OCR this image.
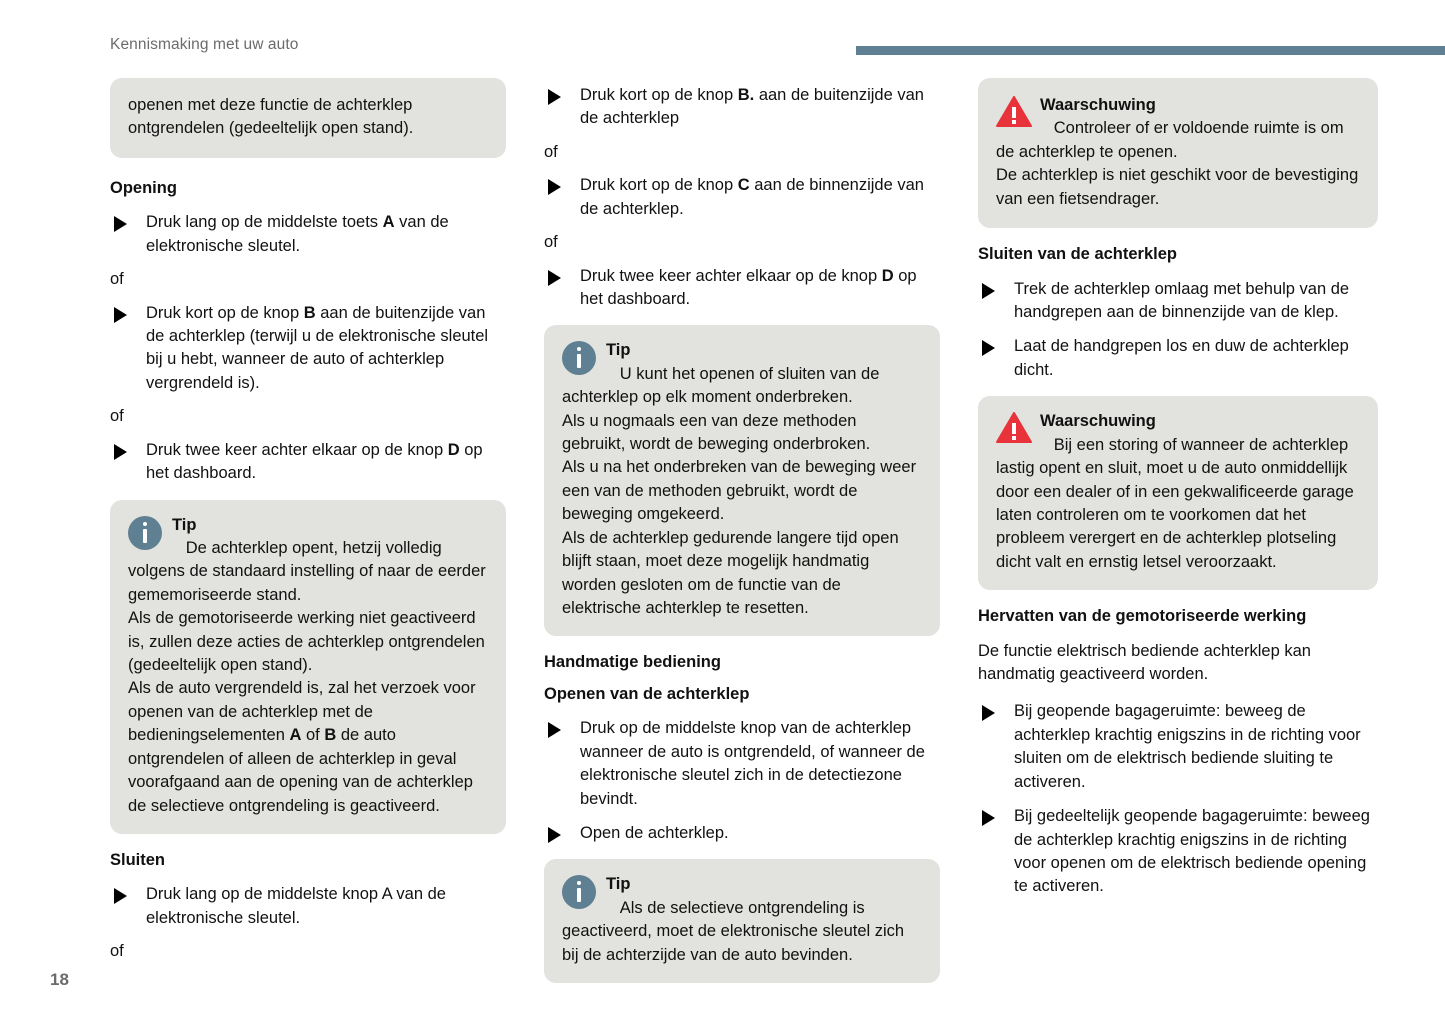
Kennismaking met uw auto
openen met deze functie de achterklep ontgrendelen (gedeeltelijk open stand).
Opening
Druk lang op de middelste toets A van de elektronische sleutel.
of
Druk kort op de knop B aan de buitenzijde van de achterklep (terwijl u de elektronische sleutel bij u hebt, wanneer de auto of achterklep vergrendeld is).
of
Druk twee keer achter elkaar op de knop D op het dashboard.
Tip

De achterklep opent, hetzij volledig volgens de standaard instelling of naar de eerder gememoriseerde stand.
Als de gemotoriseerde werking niet geactiveerd is, zullen deze acties de achterklep ontgrendelen (gedeeltelijk open stand).
Als de auto vergrendeld is, zal het verzoek voor openen van de achterklep met de bedieningselementen A of B de auto ontgrendelen of alleen de achterklep in geval voorafgaand aan de opening van de achterklep de selectieve ontgrendeling is geactiveerd.
Sluiten
Druk lang op de middelste knop A van de elektronische sleutel.
of
Druk kort op de knop B. aan de buitenzijde van de achterklep
of
Druk kort op de knop C aan de binnenzijde van de achterklep.
of
Druk twee keer achter elkaar op de knop D op het dashboard.
Tip

U kunt het openen of sluiten van de achterklep op elk moment onderbreken.
Als u nogmaals een van deze methoden gebruikt, wordt de beweging onderbroken.
Als u na het onderbreken van de beweging weer een van de methoden gebruikt, wordt de beweging omgekeerd.
Als de achterklep gedurende langere tijd open blijft staan, moet deze mogelijk handmatig worden gesloten om de functie van de elektrische achterklep te resetten.
Handmatige bediening
Openen van de achterklep
Druk op de middelste knop van de achterklep wanneer de auto is ontgrendeld, of wanneer de elektronische sleutel zich in de detectiezone bevindt.
Open de achterklep.
Tip

Als de selectieve ontgrendeling is geactiveerd, moet de elektronische sleutel zich bij de achterzijde van de auto bevinden.
Waarschuwing

Controleer of er voldoende ruimte is om de achterklep te openen.
De achterklep is niet geschikt voor de bevestiging van een fietsendrager.
Sluiten van de achterklep
Trek de achterklep omlaag met behulp van de handgrepen aan de binnenzijde van de klep.
Laat de handgrepen los en duw de achterklep dicht.
Waarschuwing

Bij een storing of wanneer de achterklep lastig opent en sluit, moet u de auto onmiddellijk door een dealer of in een gekwalificeerde garage laten controleren om te voorkomen dat het probleem verergert en de achterklep plotseling dicht valt en ernstig letsel veroorzaakt.
Hervatten van de gemotoriseerde werking

De functie elektrisch bediende achterklep kan handmatig geactiveerd worden.

Bij geopende bagageruimte: beweeg de achterklep krachtig enigszins in de richting voor sluiten om de elektrisch bediende sluiting te activeren.
Bij gedeeltelijk geopende bagageruimte: beweeg de achterklep krachtig enigszins in de richting voor openen om de elektrisch bediende opening te activeren.
18
